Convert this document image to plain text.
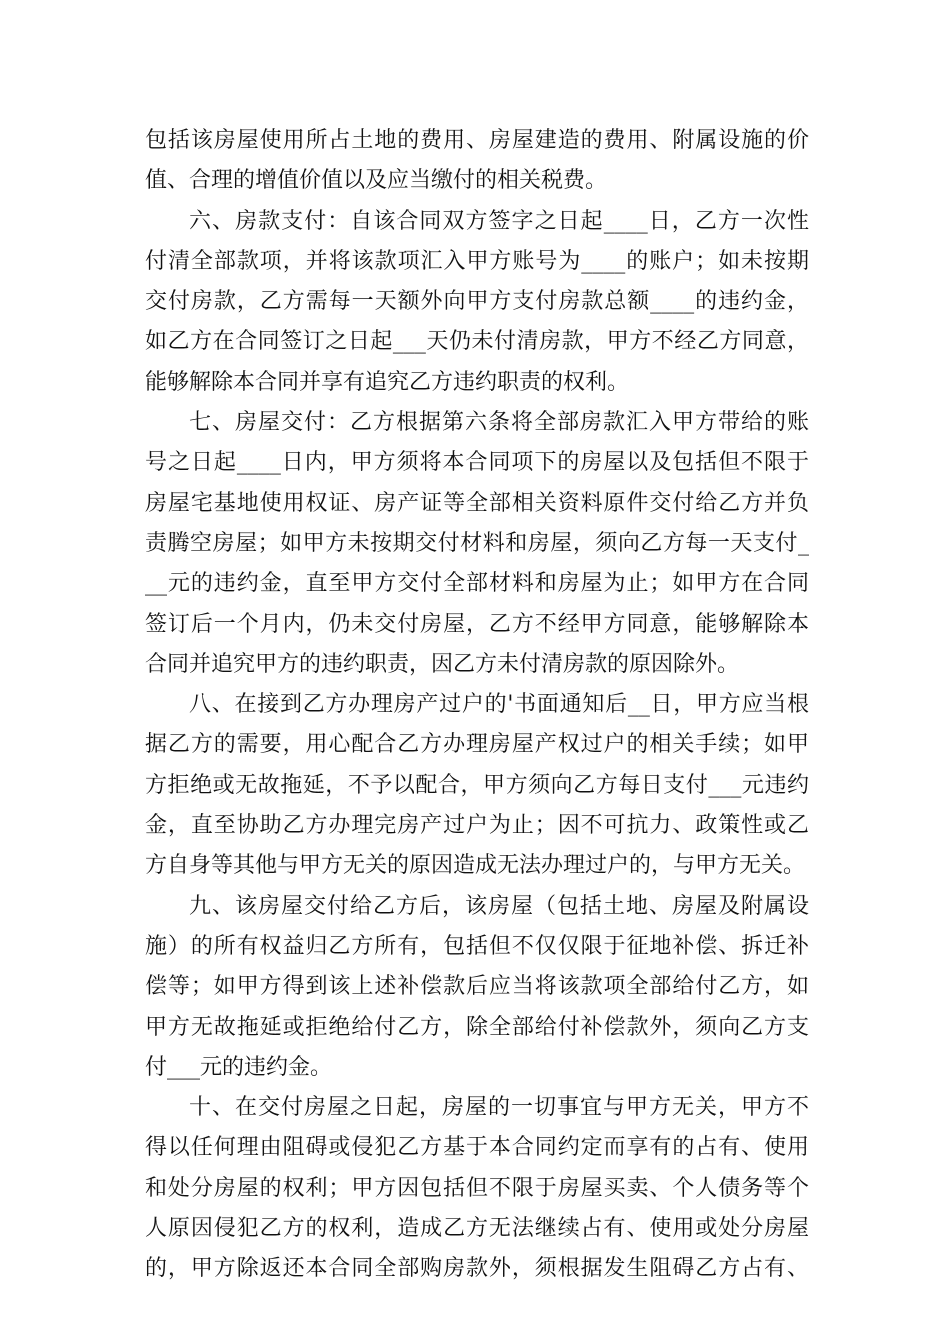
包括该房屋使用所占土地的费用、房屋建造的费用、附属设施的价
值、合理的增值价值以及应当缴付的相关税费。
六、房款支付：自该合同双方签字之日起____日，乙方一次性
付清全部款项，并将该款项汇入甲方账号为____的账户；如未按期
交付房款，乙方需每一天额外向甲方支付房款总额____的违约金，
如乙方在合同签订之日起___天仍未付清房款，甲方不经乙方同意，
能够解除本合同并享有追究乙方违约职责的权利。
七、房屋交付：乙方根据第六条将全部房款汇入甲方带给的账
号之日起____日内，甲方须将本合同项下的房屋以及包括但不限于
房屋宅基地使用权证、房产证等全部相关资料原件交付给乙方并负
责腾空房屋；如甲方未按期交付材料和房屋，须向乙方每一天支付_
__元的违约金，直至甲方交付全部材料和房屋为止；如甲方在合同
签订后一个月内，仍未交付房屋，乙方不经甲方同意，能够解除本
合同并追究甲方的违约职责，因乙方未付清房款的原因除外。
八、在接到乙方办理房产过户的'书面通知后__日，甲方应当根
据乙方的需要，用心配合乙方办理房屋产权过户的相关手续；如甲
方拒绝或无故拖延，不予以配合，甲方须向乙方每日支付___元违约
金，直至协助乙方办理完房产过户为止；因不可抗力、政策性或乙
方自身等其他与甲方无关的原因造成无法办理过户的，与甲方无关。
九、该房屋交付给乙方后，该房屋（包括土地、房屋及附属设
施）的所有权益归乙方所有，包括但不仅仅限于征地补偿、拆迁补
偿等；如甲方得到该上述补偿款后应当将该款项全部给付乙方，如
甲方无故拖延或拒绝给付乙方，除全部给付补偿款外，须向乙方支
付___元的违约金。
十、在交付房屋之日起，房屋的一切事宜与甲方无关，甲方不
得以任何理由阻碍或侵犯乙方基于本合同约定而享有的占有、使用
和处分房屋的权利；甲方因包括但不限于房屋买卖、个人债务等个
人原因侵犯乙方的权利，造成乙方无法继续占有、使用或处分房屋
的，甲方除返还本合同全部购房款外，须根据发生阻碍乙方占有、
